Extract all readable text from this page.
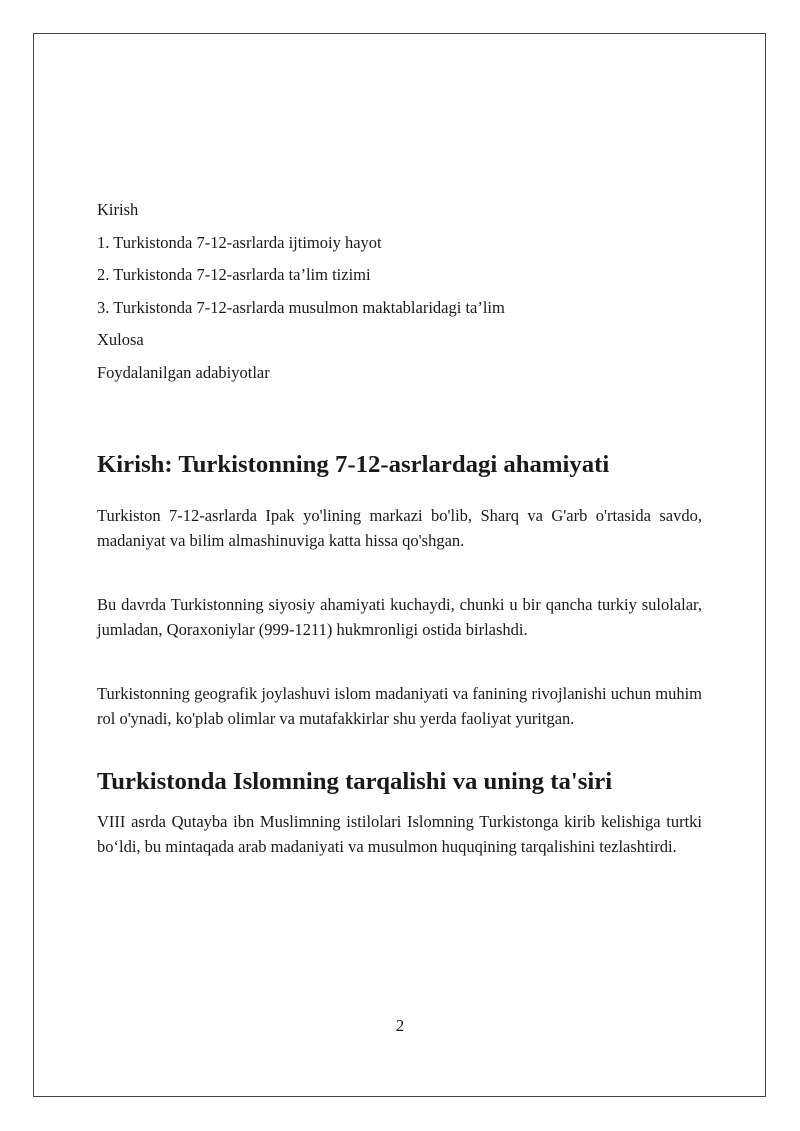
Kirish

1. Turkistonda 7-12-asrlarda ijtimoiy hayot

2. Turkistonda 7-12-asrlarda ta’lim tizimi

3. Turkistonda 7-12-asrlarda musulmon maktablaridagi ta’lim

Xulosa

Foydalanilgan adabiyotlar

Kirish: Turkistonning 7-12-asrlardagi ahamiyati

Turkiston 7-12-asrlarda Ipak yo'lining markazi bo'lib, Sharq va G'arb o'rtasida savdo, madaniyat va bilim almashinuviga katta hissa qo'shgan.

Bu davrda Turkistonning siyosiy ahamiyati kuchaydi, chunki u bir qancha turkiy sulolalar, jumladan, Qoraxoniylar (999-1211) hukmronligi ostida birlashdi.

Turkistonning geografik joylashuvi islom madaniyati va fanining rivojlanishi uchun muhim rol o'ynadi, ko'plab olimlar va mutafakkirlar shu yerda faoliyat yuritgan.

Turkistonda Islomning tarqalishi va uning ta'siri

VIII asrda Qutayba ibn Muslimning istilolari Islomning Turkistonga kirib kelishiga turtki bo‘ldi, bu mintaqada arab madaniyati va musulmon huquqining tarqalishini tezlashtirdi.

2
